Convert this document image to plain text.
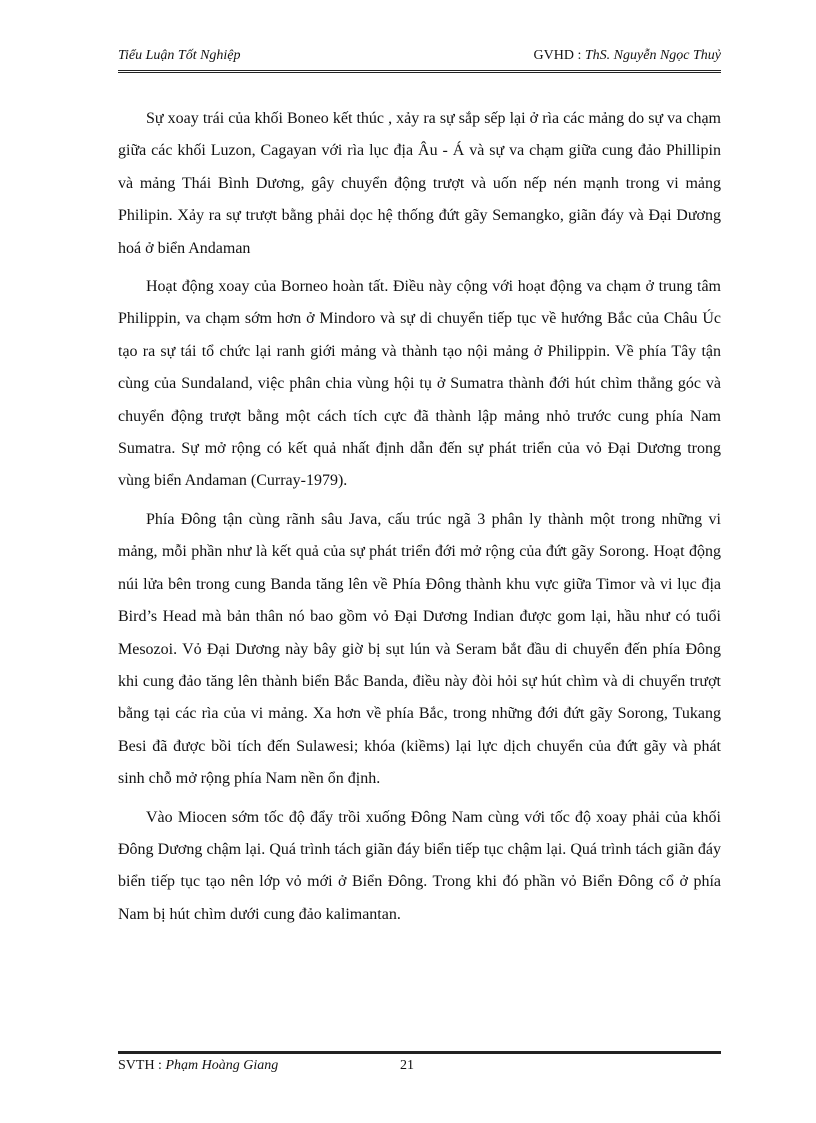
Tiểu Luận Tốt Nghiệp	GVHD : ThS. Nguyễn Ngọc Thuỷ

Sự xoay trái của khối Boneo kết thúc , xảy ra sự sắp sếp lại ở rìa các mảng do sự va chạm giữa các khối Luzon, Cagayan với rìa lục địa Âu - Á và sự va chạm giữa cung đảo Phillipin và mảng Thái Bình Dương, gây chuyển động trượt và uốn nếp nén mạnh trong vi mảng Philipin. Xảy ra sự trượt bằng phải dọc hệ thống đứt gãy Semangko, giãn đáy và Đại Dương hoá ở biển Andaman

Hoạt động xoay của Borneo hoàn tất. Điều này cộng với hoạt động va chạm ở trung tâm Philippin, va chạm sớm hơn ở Mindoro và sự di chuyển tiếp tục về hướng Bắc của Châu Úc tạo ra sự tái tổ chức lại ranh giới mảng và thành tạo nội mảng ở Philippin. Về phía Tây tận cùng của Sundaland, việc phân chia vùng hội tụ ở Sumatra thành đới hút chìm thẳng góc và chuyển động trượt bằng một cách tích cực đã thành lập mảng nhỏ trước cung phía Nam Sumatra. Sự mở rộng có kết quả nhất định dẫn đến sự phát triển của vỏ Đại Dương trong vùng biển Andaman (Curray-1979).

Phía Đông tận cùng rãnh sâu Java, cấu trúc ngã 3 phân ly thành một trong những vi mảng, mỗi phần như là kết quả của sự phát triển đới mở rộng của đứt gãy Sorong. Hoạt động núi lửa bên trong cung Banda tăng lên về Phía Đông thành khu vực giữa Timor và vi lục địa Bird’s Head mà bản thân nó bao gồm vỏ Đại Dương Indian được gom lại, hầu như có tuổi Mesozoi. Vỏ Đại Dương này bây giờ bị sụt lún và Seram bắt đầu di chuyển đến phía Đông khi cung đảo tăng lên thành biển Bắc Banda, điều này đòi hỏi sự hút chìm và di chuyển trượt bằng tại các rìa của vi mảng. Xa hơn về phía Bắc, trong những đới đứt gãy Sorong, Tukang Besi đã được bồi tích đến Sulawesi; khóa (kiềms) lại lực dịch chuyển của đứt gãy và phát sinh chỗ mở rộng phía Nam nền ổn định.

Vào Miocen sớm tốc độ đẩy trồi xuống Đông Nam cùng với tốc độ xoay phải của khối Đông Dương chậm lại. Quá trình tách giãn đáy biển tiếp tục chậm lại. Quá trình tách giãn đáy biển tiếp tục tạo nên lớp vỏ mới ở Biển Đông. Trong khi đó phần vỏ Biển Đông cổ ở phía Nam bị hút chìm dưới cung đảo kalimantan.

SVTH : Phạm Hoàng Giang	21
